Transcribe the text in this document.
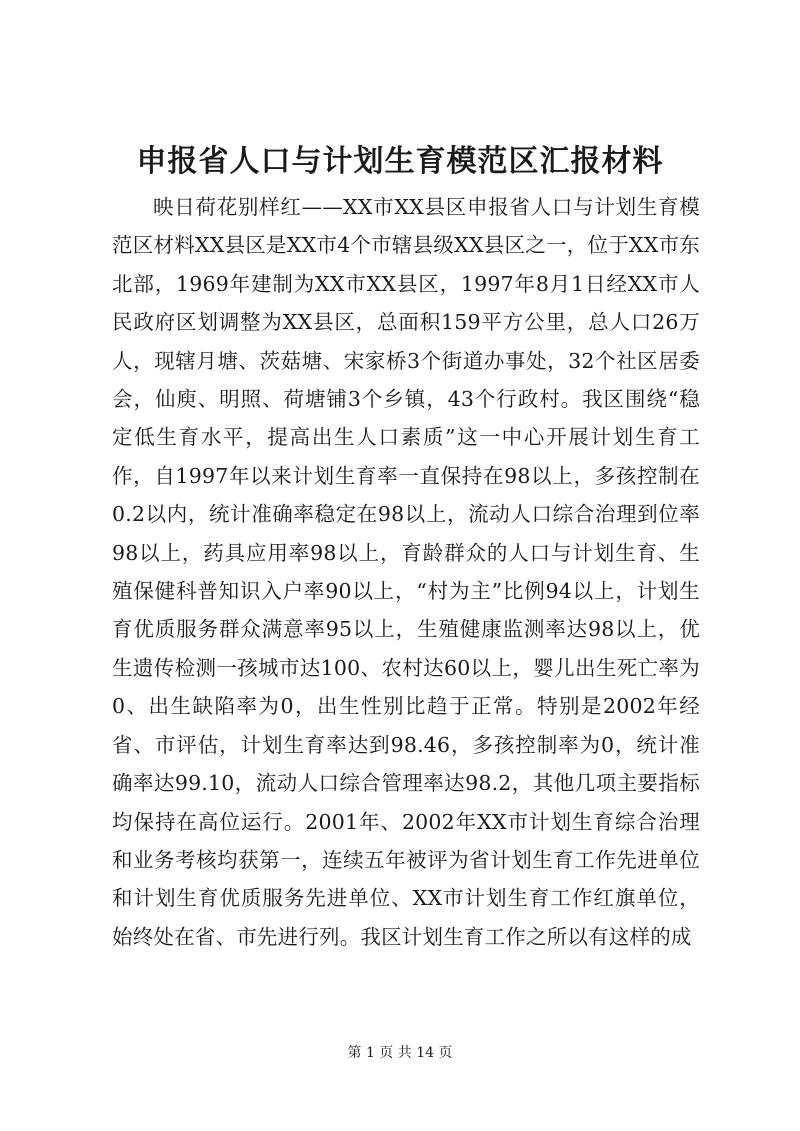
申报省人口与计划生育模范区汇报材料

映日荷花别样红——XX市XX县区申报省人口与计划生育模范区材料XX县区是XX市4个市辖县级XX县区之一，位于XX市东北部，1969年建制为XX市XX县区，1997年8月1日经XX市人民政府区划调整为XX县区，总面积159平方公里，总人口26万人，现辖月塘、茨菇塘、宋家桥3个街道办事处，32个社区居委会，仙庾、明照、荷塘铺3个乡镇，43个行政村。我区围绕“稳定低生育水平，提高出生人口素质”这一中心开展计划生育工作，自1997年以来计划生育率一直保持在98以上，多孩控制在0.2以内，统计准确率稳定在98以上，流动人口综合治理到位率98以上，药具应用率98以上，育龄群众的人口与计划生育、生殖保健科普知识入户率90以上，“村为主”比例94以上，计划生育优质服务群众满意率95以上，生殖健康监测率达98以上，优生遗传检测一孩城市达100、农村达60以上，婴儿出生死亡率为0、出生缺陷率为0，出生性别比趋于正常。特别是2002年经省、市评估，计划生育率达到98.46，多孩控制率为0，统计准确率达99.10，流动人口综合管理率达98.2，其他几项主要指标均保持在高位运行。2001年、2002年XX市计划生育综合治理和业务考核均获第一，连续五年被评为省计划生育工作先进单位和计划生育优质服务先进单位、XX市计划生育工作红旗单位，始终处在省、市先进行列。我区计划生育工作之所以有这样的成

第 1 页 共 14 页
